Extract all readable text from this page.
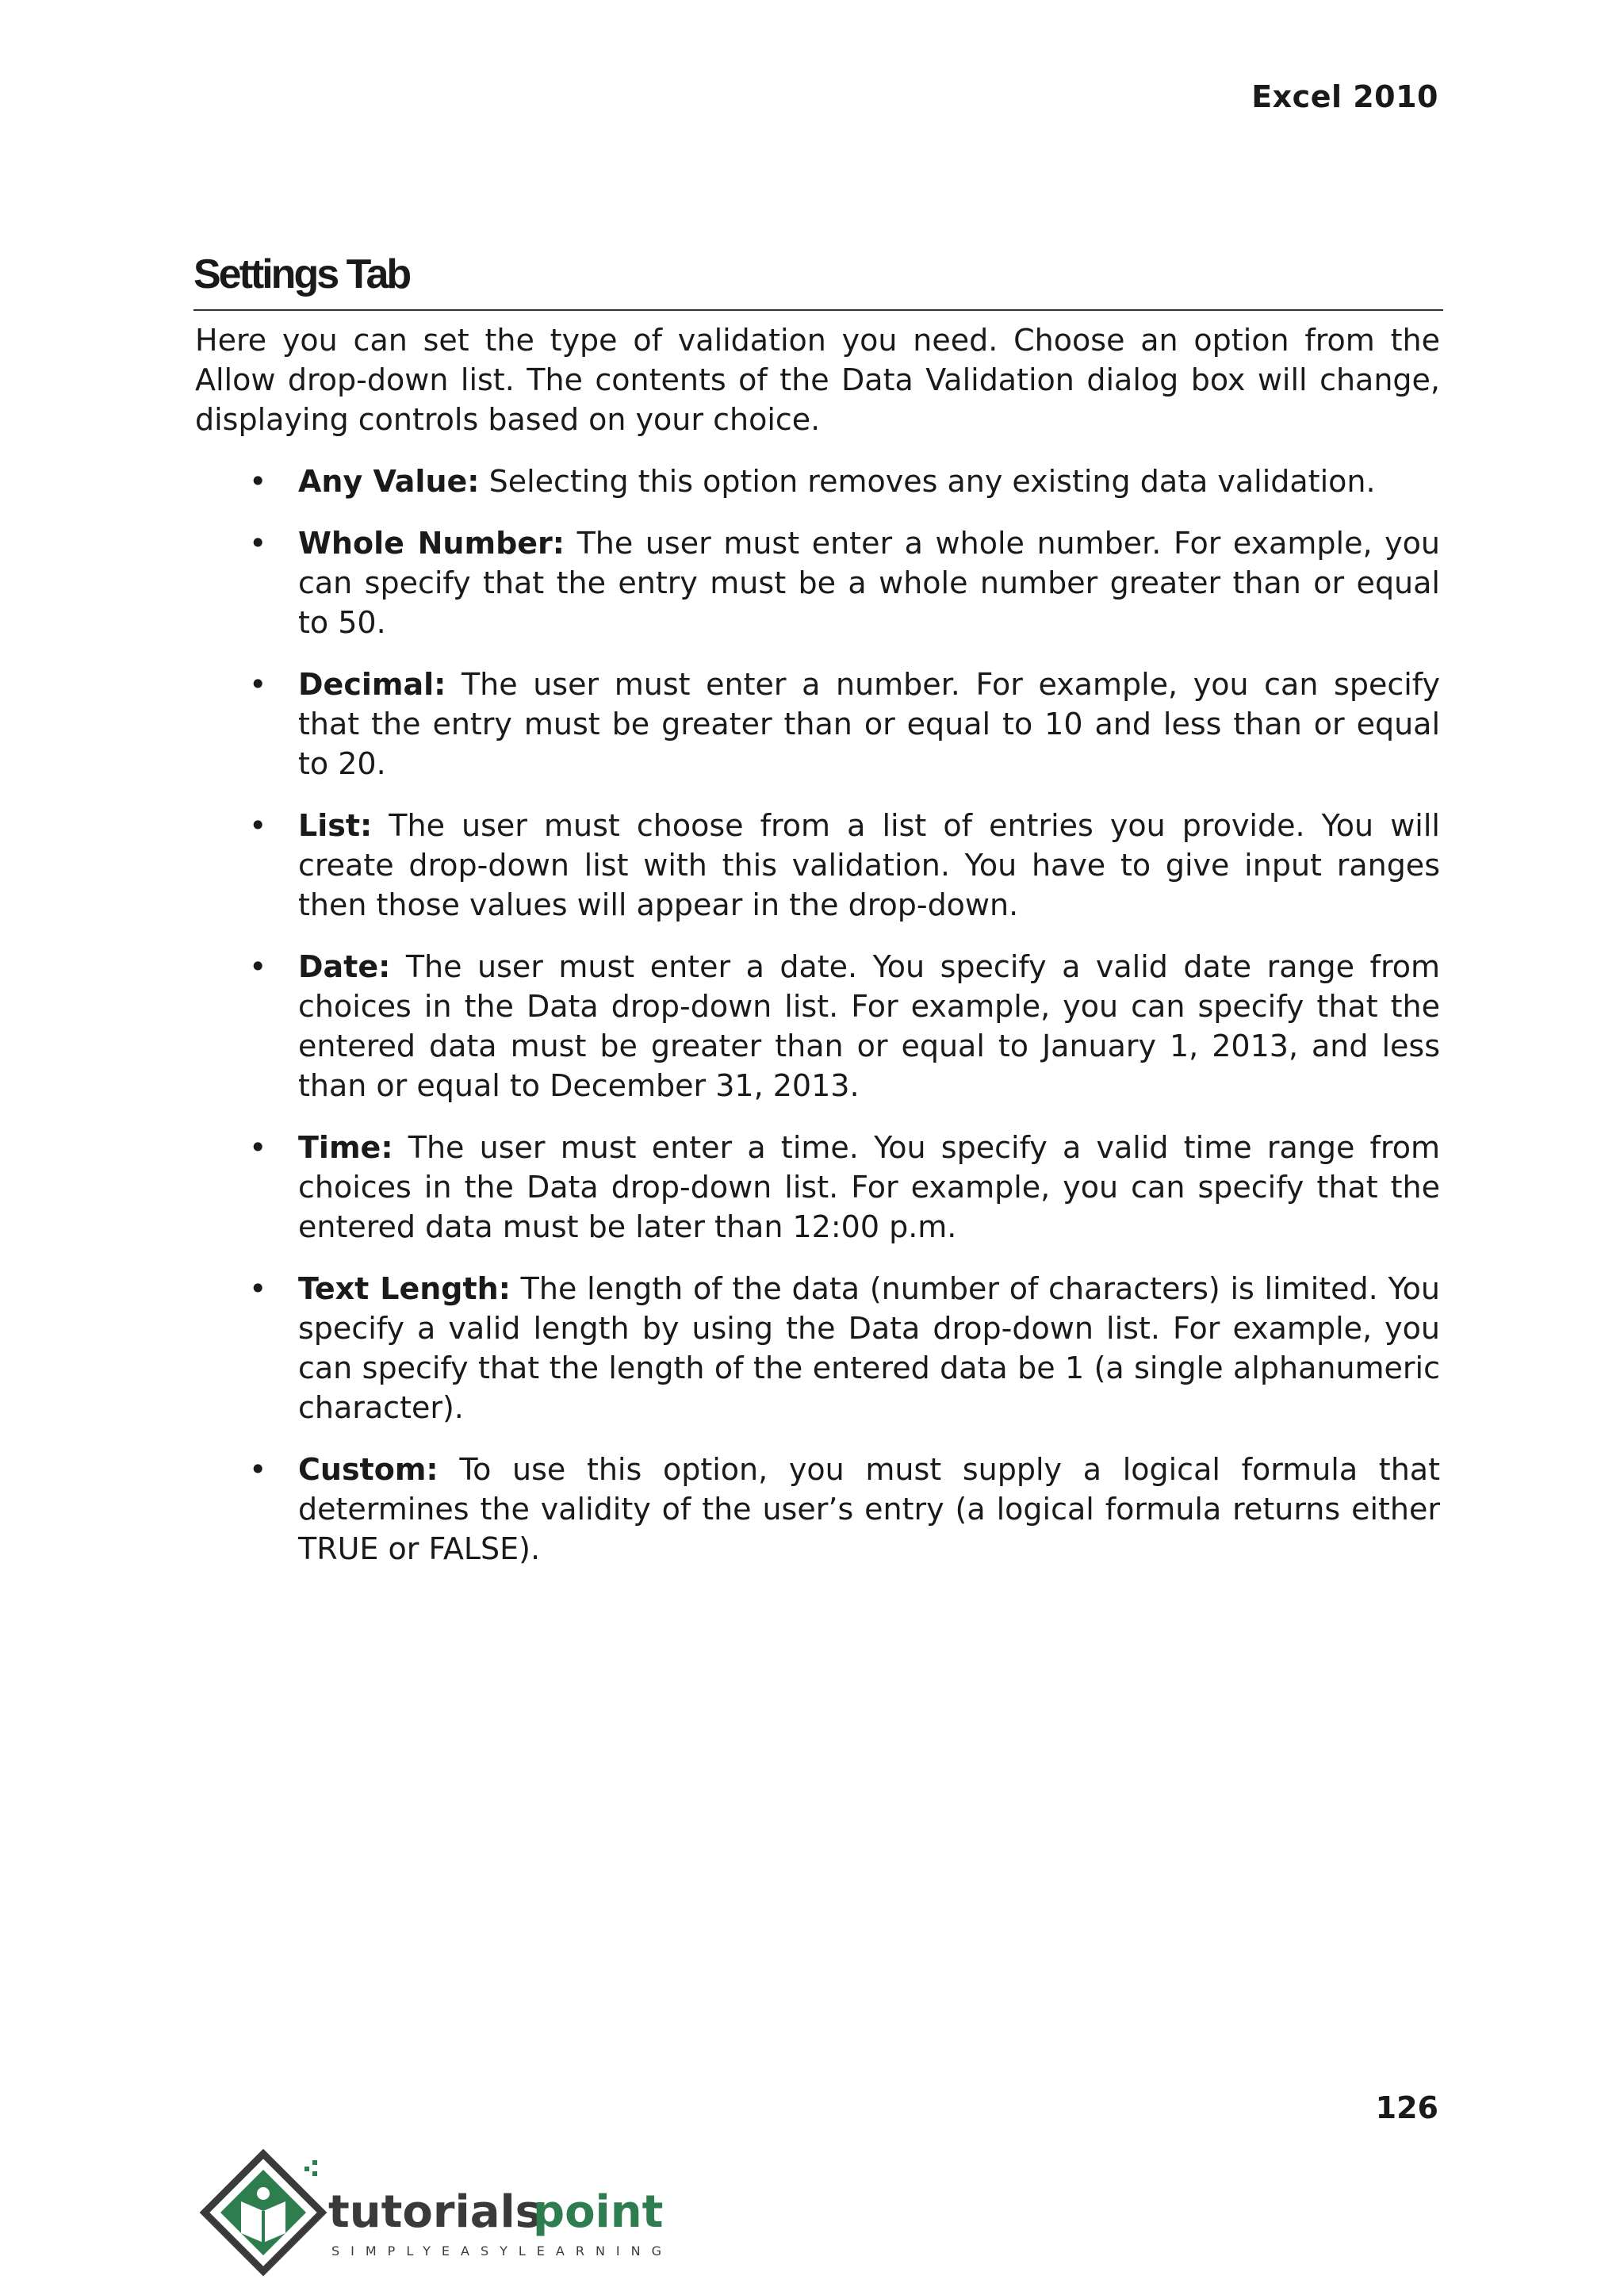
Excel 2010
Settings Tab

Here you can set the type of validation you need. Choose an option from the Allow drop-down list. The contents of the Data Validation dialog box will change, displaying controls based on your choice.

• Any Value: Selecting this option removes any existing data validation.
• Whole Number: The user must enter a whole number. For example, you can specify that the entry must be a whole number greater than or equal to 50.
• Decimal: The user must enter a number. For example, you can specify that the entry must be greater than or equal to 10 and less than or equal to 20.
• List: The user must choose from a list of entries you provide. You will create drop-down list with this validation. You have to give input ranges then those values will appear in the drop-down.
• Date: The user must enter a date. You specify a valid date range from choices in the Data drop-down list. For example, you can specify that the entered data must be greater than or equal to January 1, 2013, and less than or equal to December 31, 2013.
• Time: The user must enter a time. You specify a valid time range from choices in the Data drop-down list. For example, you can specify that the entered data must be later than 12:00 p.m.
• Text Length: The length of the data (number of characters) is limited. You specify a valid length by using the Data drop-down list. For example, you can specify that the length of the entered data be 1 (a single alphanumeric character).
• Custom: To use this option, you must supply a logical formula that determines the validity of the user’s entry (a logical formula returns either TRUE or FALSE).
126
tutorials
point
SIMPLYEASYLEARNING
